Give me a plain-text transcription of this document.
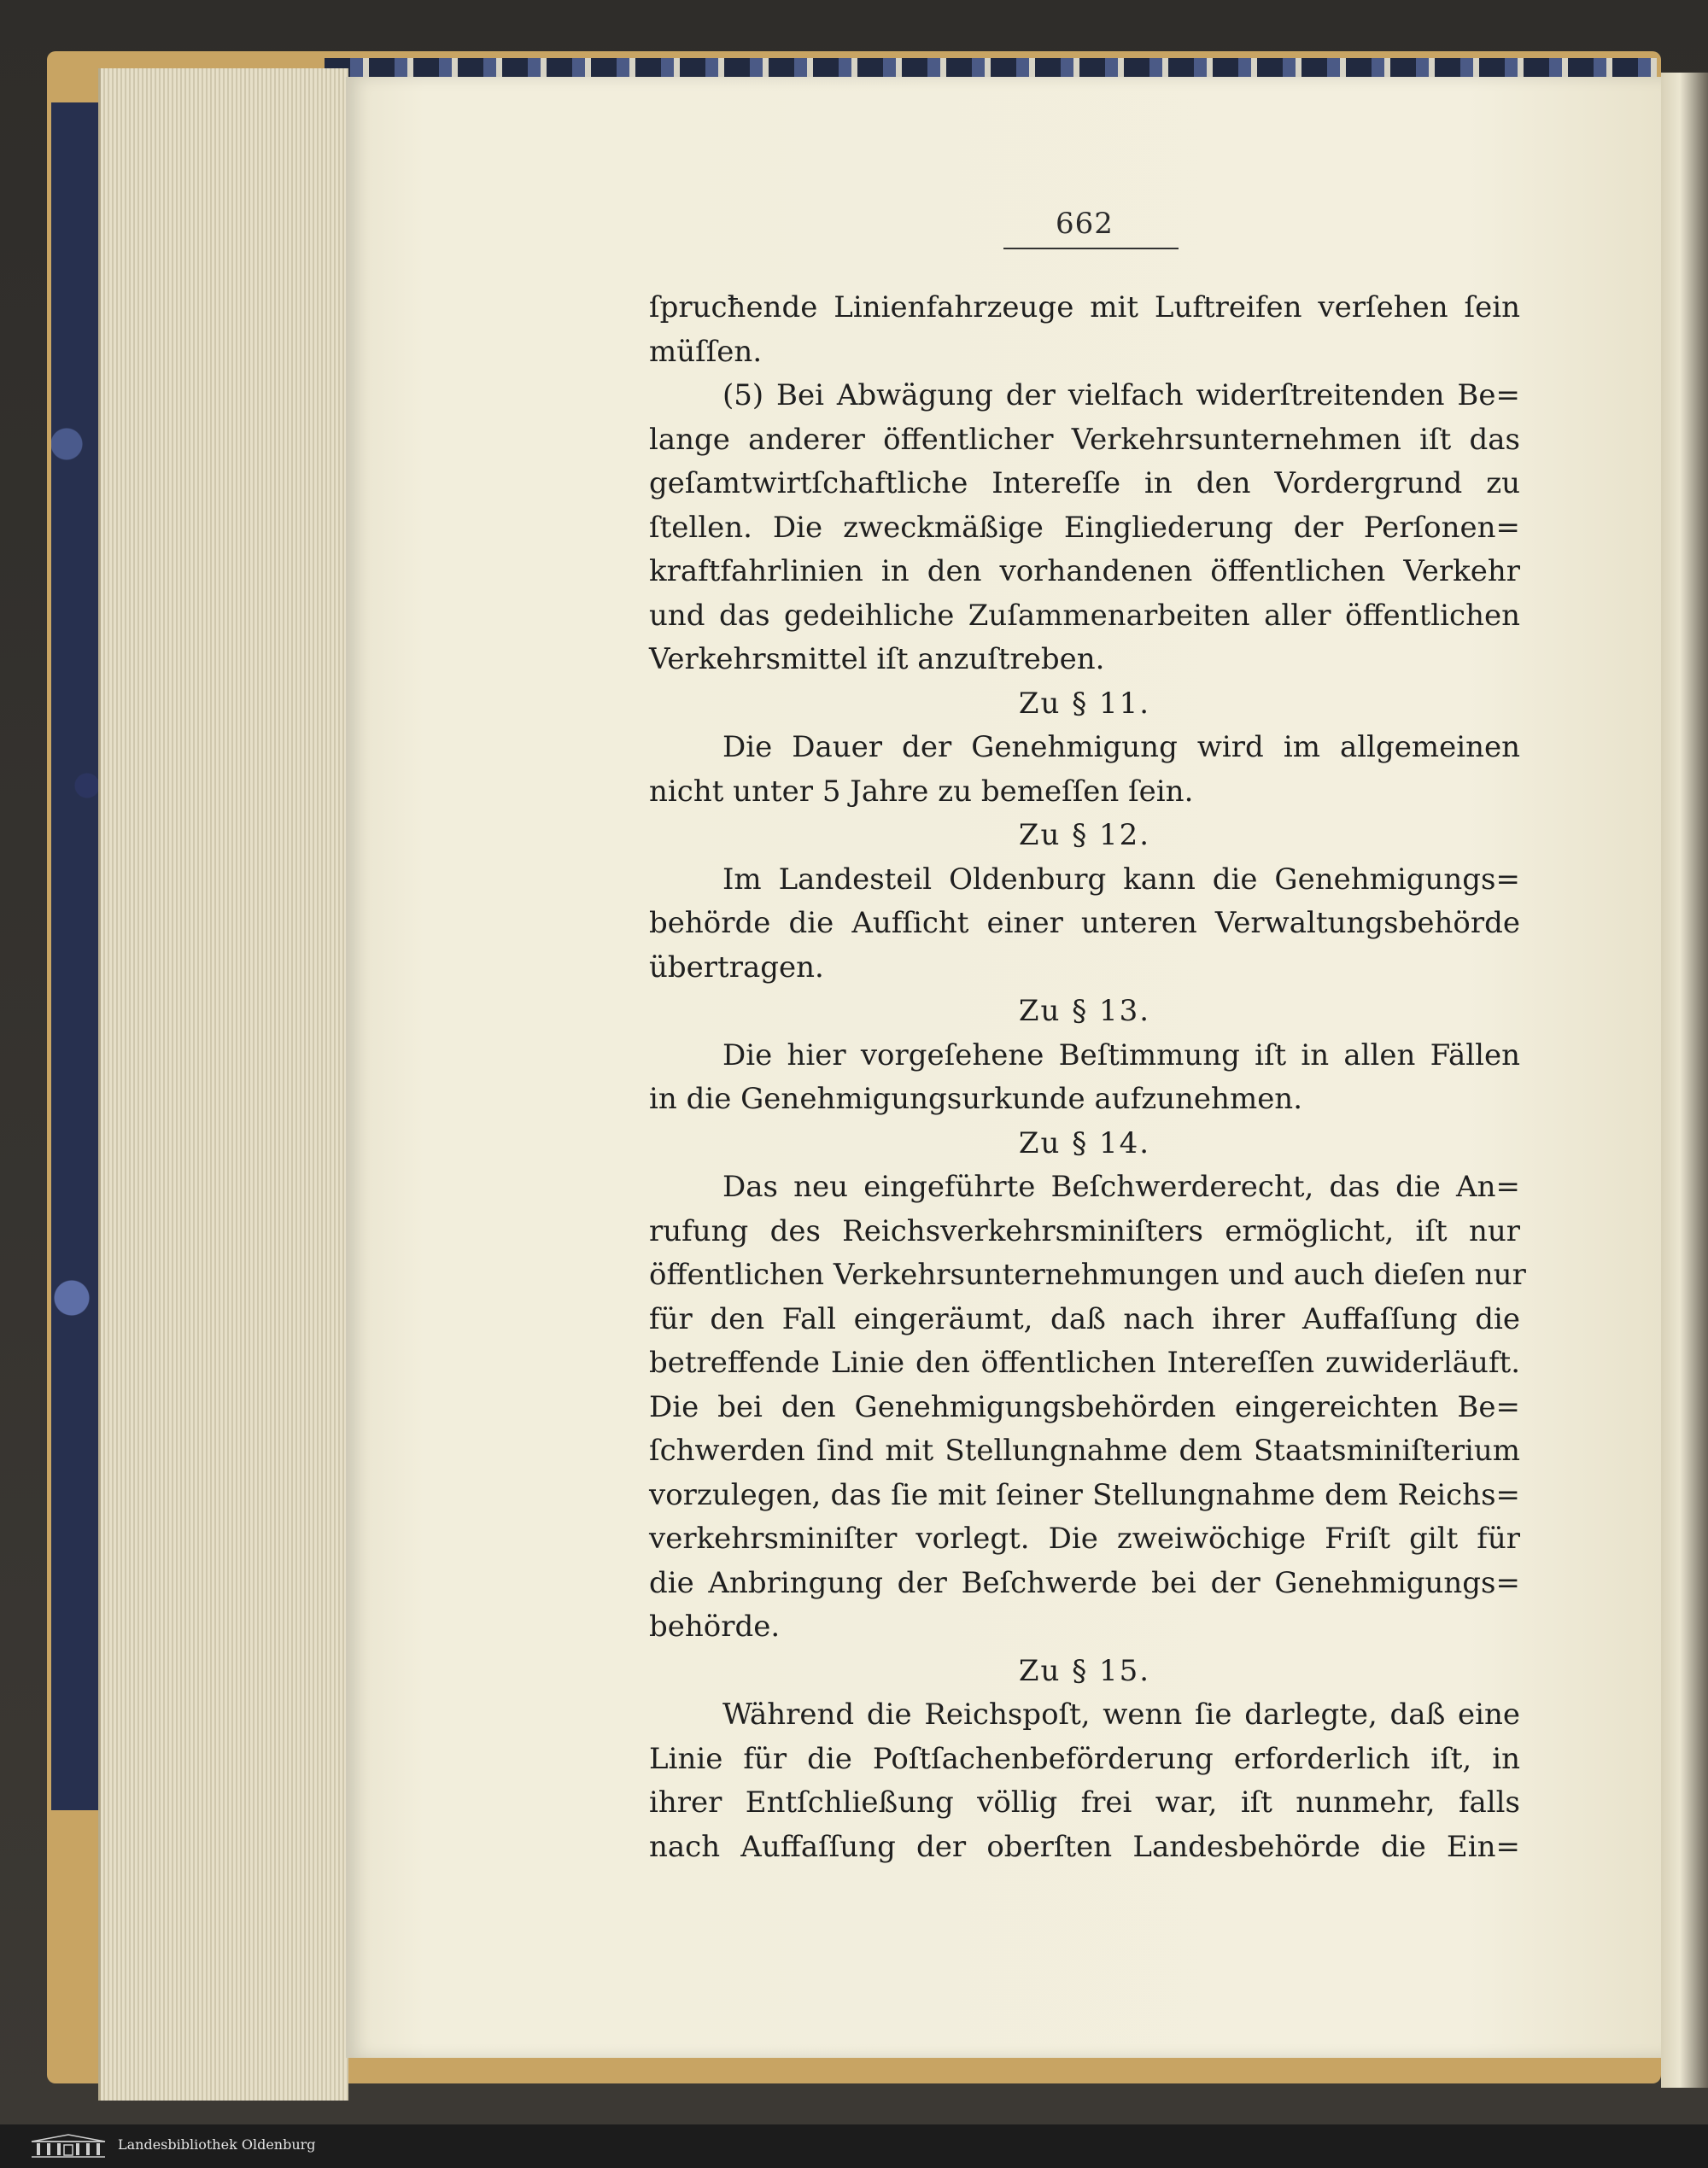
662
ſprucħende Linienfahrzeuge mit Luftreifen verſehen ſein
müſſen.
(5) Bei Abwägung der vielfach widerſtreitenden Be=
lange anderer öffentlicher Verkehrsunternehmen iſt das
geſamtwirtſchaftliche Intereſſe in den Vordergrund zu
ſtellen. Die zweckmäßige Eingliederung der Perſonen=
kraftfahrlinien in den vorhandenen öffentlichen Verkehr
und das gedeihliche Zuſammenarbeiten aller öffentlichen
Verkehrsmittel iſt anzuſtreben.
Zu § 11.
Die Dauer der Genehmigung wird im allgemeinen
nicht unter 5 Jahre zu bemeſſen ſein.
Zu § 12.
Im Landesteil Oldenburg kann die Genehmigungs=
behörde die Aufſicht einer unteren Verwaltungsbehörde
übertragen.
Zu § 13.
Die hier vorgeſehene Beſtimmung iſt in allen Fällen
in die Genehmigungsurkunde aufzunehmen.
Zu § 14.
Das neu eingeführte Beſchwerderecht, das die An=
rufung des Reichsverkehrsminiſters ermöglicht, iſt nur
öffentlichen Verkehrsunternehmungen und auch dieſen nur
für den Fall eingeräumt, daß nach ihrer Auffaſſung die
betreffende Linie den öffentlichen Intereſſen zuwiderläuft.
Die bei den Genehmigungsbehörden eingereichten Be=
ſchwerden ſind mit Stellungnahme dem Staatsminiſterium
vorzulegen, das ſie mit ſeiner Stellungnahme dem Reichs=
verkehrsminiſter vorlegt. Die zweiwöchige Friſt gilt für
die Anbringung der Beſchwerde bei der Genehmigungs=
behörde.
Zu § 15.
Während die Reichspoſt, wenn ſie darlegte, daß eine
Linie für die Poſtſachenbeförderung erforderlich iſt, in
ihrer Entſchließung völlig frei war, iſt nunmehr, falls
nach Auffaſſung der oberſten Landesbehörde die Ein=
Landesbibliothek Oldenburg
